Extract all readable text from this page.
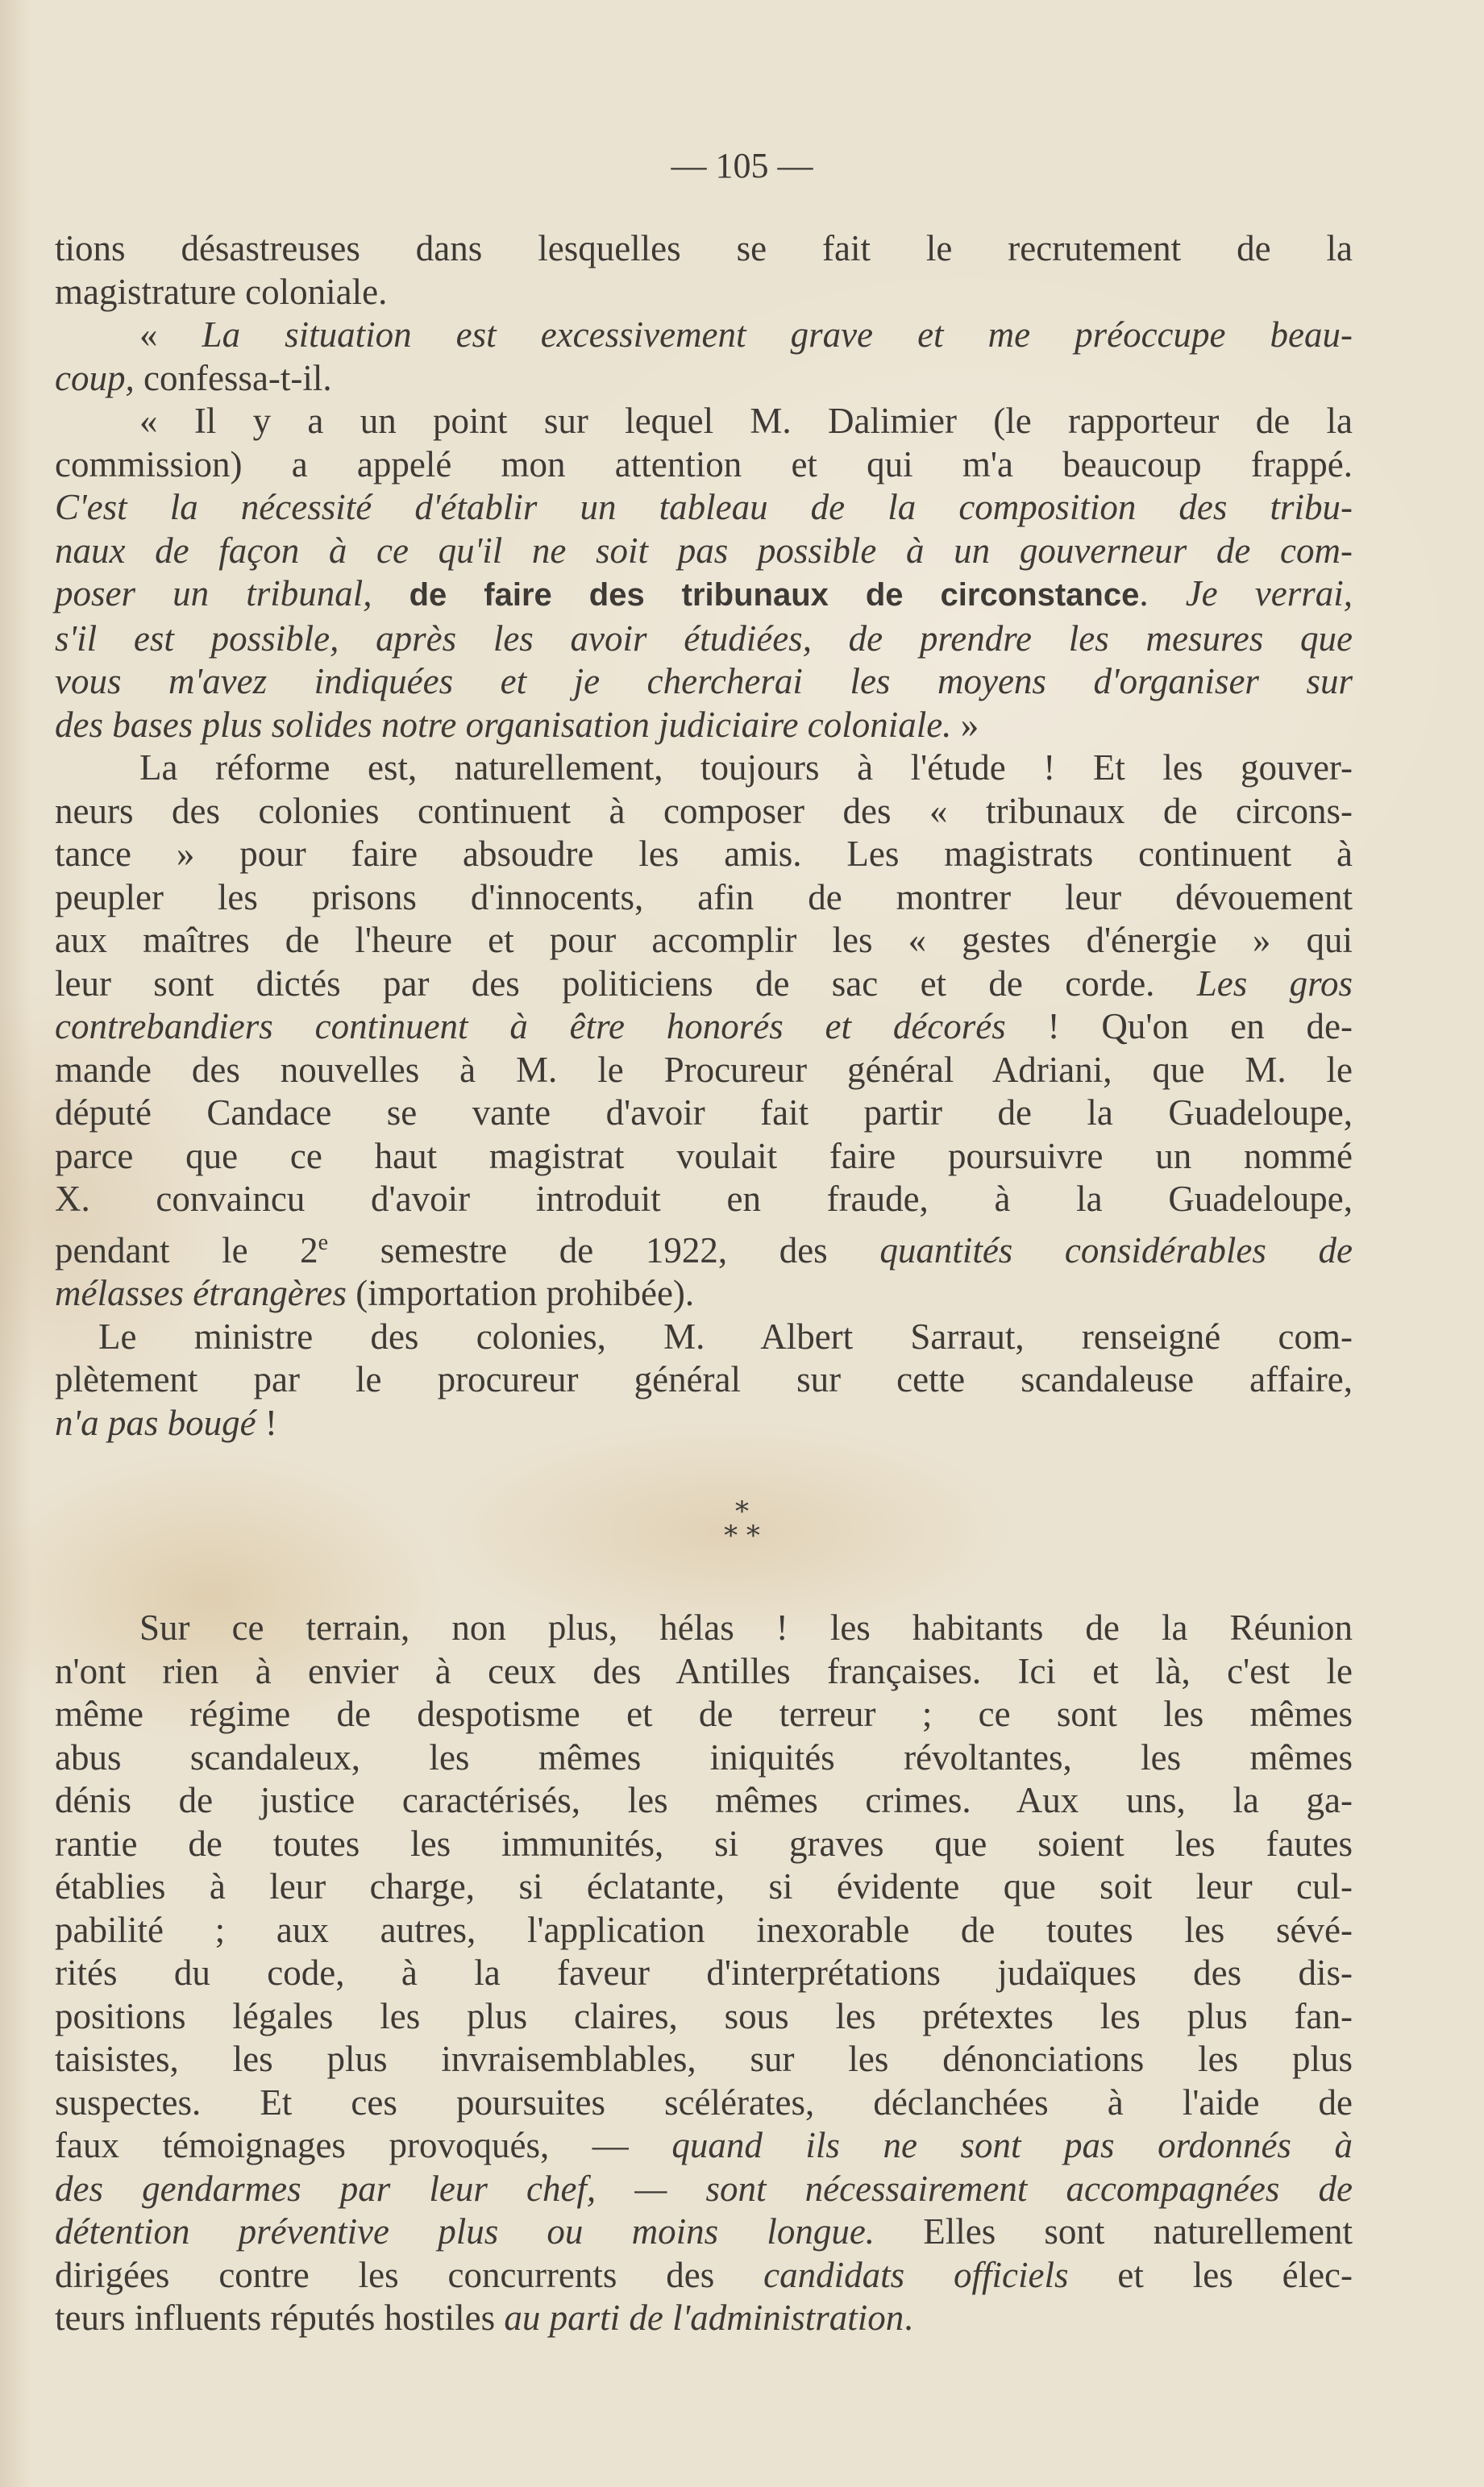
— 105 —
tions désastreuses dans lesquelles se fait le recrutement de la
magistrature coloniale.
« La situation est excessivement grave et me préoccupe beau-
coup, confessa-t-il.
« Il y a un point sur lequel M. Dalimier (le rapporteur de la
commission) a appelé mon attention et qui m'a beaucoup frappé.
C'est la nécessité d'établir un tableau de la composition des tribu-
naux de façon à ce qu'il ne soit pas possible à un gouverneur de com-
poser un tribunal, de faire des tribunaux de circonstance. Je verrai,
s'il est possible, après les avoir étudiées, de prendre les mesures que
vous m'avez indiquées et je chercherai les moyens d'organiser sur
des bases plus solides notre organisation judiciaire coloniale. »
La réforme est, naturellement, toujours à l'étude ! Et les gouver-
neurs des colonies continuent à composer des « tribunaux de circons-
tance » pour faire absoudre les amis. Les magistrats continuent à
peupler les prisons d'innocents, afin de montrer leur dévouement
aux maîtres de l'heure et pour accomplir les « gestes d'énergie » qui
leur sont dictés par des politiciens de sac et de corde. Les gros
contrebandiers continuent à être honorés et décorés ! Qu'on en de-
mande des nouvelles à M. le Procureur général Adriani, que M. le
député Candace se vante d'avoir fait partir de la Guadeloupe,
parce que ce haut magistrat voulait faire poursuivre un nommé
X. convaincu d'avoir introduit en fraude, à la Guadeloupe,
pendant le 2e semestre de 1922, des quantités considérables de
mélasses étrangères (importation prohibée).
Le ministre des colonies, M. Albert Sarraut, renseigné com-
plètement par le procureur général sur cette scandaleuse affaire,
n'a pas bougé !
*
* *
Sur ce terrain, non plus, hélas ! les habitants de la Réunion
n'ont rien à envier à ceux des Antilles françaises. Ici et là, c'est le
même régime de despotisme et de terreur ; ce sont les mêmes
abus scandaleux, les mêmes iniquités révoltantes, les mêmes
dénis de justice caractérisés, les mêmes crimes. Aux uns, la ga-
rantie de toutes les immunités, si graves que soient les fautes
établies à leur charge, si éclatante, si évidente que soit leur cul-
pabilité ; aux autres, l'application inexorable de toutes les sévé-
rités du code, à la faveur d'interprétations judaïques des dis-
positions légales les plus claires, sous les prétextes les plus fan-
taisistes, les plus invraisemblables, sur les dénonciations les plus
suspectes. Et ces poursuites scélérates, déclanchées à l'aide de
faux témoignages provoqués, — quand ils ne sont pas ordonnés à
des gendarmes par leur chef, — sont nécessairement accompagnées de
détention préventive plus ou moins longue. Elles sont naturellement
dirigées contre les concurrents des candidats officiels et les élec-
teurs influents réputés hostiles au parti de l'administration.
